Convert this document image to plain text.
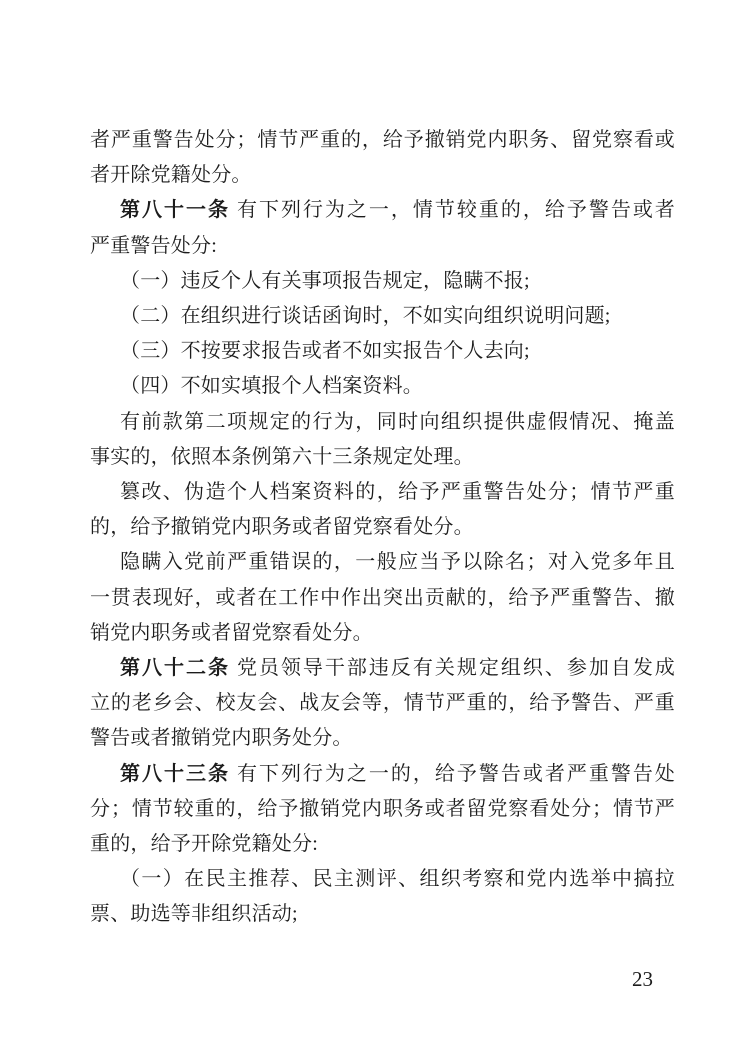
者严重警告处分；情节严重的，给予撤销党内职务、留党察看或
者开除党籍处分。
第八十一条 有下列行为之一，情节较重的，给予警告或者
严重警告处分:
（一）违反个人有关事项报告规定，隐瞒不报;
（二）在组织进行谈话函询时，不如实向组织说明问题;
（三）不按要求报告或者不如实报告个人去向;
（四）不如实填报个人档案资料。
有前款第二项规定的行为，同时向组织提供虚假情况、掩盖
事实的，依照本条例第六十三条规定处理。
篡改、伪造个人档案资料的，给予严重警告处分；情节严重
的，给予撤销党内职务或者留党察看处分。
隐瞒入党前严重错误的，一般应当予以除名；对入党多年且
一贯表现好，或者在工作中作出突出贡献的，给予严重警告、撤
销党内职务或者留党察看处分。
第八十二条 党员领导干部违反有关规定组织、参加自发成
立的老乡会、校友会、战友会等，情节严重的，给予警告、严重
警告或者撤销党内职务处分。
第八十三条 有下列行为之一的，给予警告或者严重警告处
分；情节较重的，给予撤销党内职务或者留党察看处分；情节严
重的，给予开除党籍处分:
（一）在民主推荐、民主测评、组织考察和党内选举中搞拉
票、助选等非组织活动;
23
